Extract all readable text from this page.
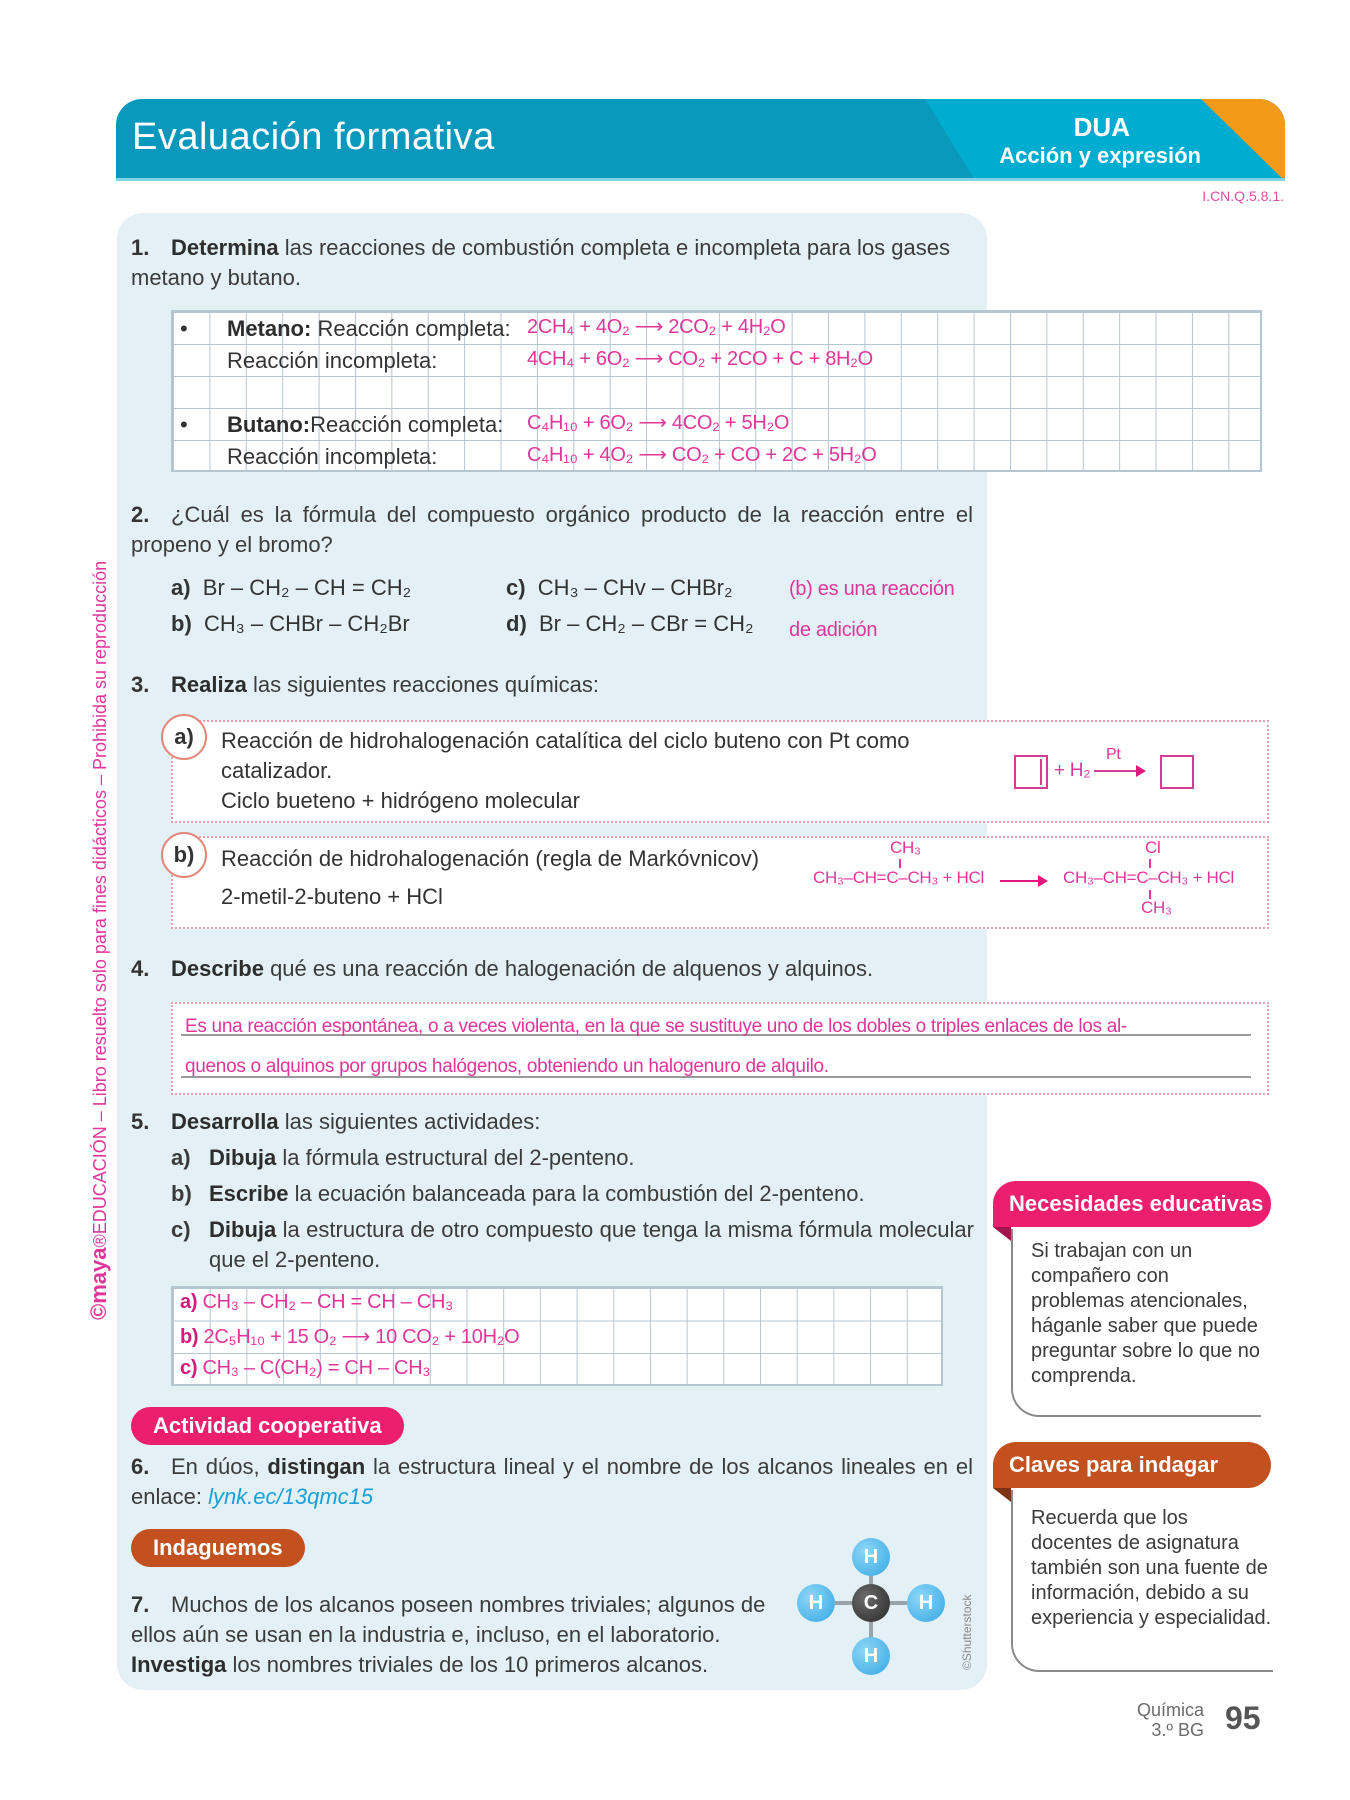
Evaluación formativa	DUA
Acción y expresión
I.CN.Q.5.8.1.
©maya®EDUCACIÓN – Libro resuelto solo para fines didácticos – Prohibida su reproducción
1. Determina las reacciones de combustión completa e incompleta para los gases metano y butano.
• Metano: Reacción completa: 2CH₄ + 4O₂ ⟶ 2CO₂ + 4H₂O
Reacción incompleta:	4CH₄ + 6O₂ ⟶ CO₂ + 2CO + C + 8H₂O
• Butano:Reacción completa: C₄H₁₀ + 6O₂ ⟶ 4CO₂ + 5H₂O
Reacción incompleta:	C₄H₁₀ + 4O₂ ⟶ CO₂ + CO + 2C + 5H₂O
2. ¿Cuál es la fórmula del compuesto orgánico producto de la reacción entre el propeno y el bromo?
a) Br – CH₂ – CH = CH₂
b) CH₃ – CHBr – CH₂Br
c) CH₃ – CHv – CHBr₂
d) Br – CH₂ – CBr = CH₂
(b) es una reacción
de adición
3. Realiza las siguientes reacciones químicas:
a)	Reacción de hidrohalogenación catalítica del ciclo buteno con Pt como
catalizador.
Ciclo bueteno + hidrógeno molecular
+ H₂
Pt
b)	Reacción de hidrohalogenación (regla de Markóvnicov)
2-metil-2-buteno + HCl
CH₃
CH₃–CH=C–CH₃ + HCl
Cl
CH₃–CH=C–CH₃ + HCl
CH₃
4. Describe qué es una reacción de halogenación de alquenos y alquinos.
Es una reacción espontánea, o a veces violenta, en la que se sustituye uno de los dobles o triples enlaces de los al-
quenos o alquinos por grupos halógenos, obteniendo un halogenuro de alquilo.
5. Desarrolla las siguientes actividades:
a) Dibuja la fórmula estructural del 2-penteno.
b) Escribe la ecuación balanceada para la combustión del 2-penteno.
c) Dibuja la estructura de otro compuesto que tenga la misma fórmula molecular que el 2-penteno.
a) CH₃ – CH₂ – CH = CH – CH₃
b) 2C₅H₁₀ + 15 O₂ ⟶ 10 CO₂ + 10H₂O
c) CH₃ – C(CH₂) = CH – CH₃
Actividad cooperativa
6. En dúos, distingan la estructura lineal y el nombre de los alcanos lineales en el enlace: lynk.ec/13qmc15
Indaguemos
7. Muchos de los alcanos poseen nombres triviales; algunos de ellos aún se usan en la industria e, incluso, en el laboratorio. Investiga los nombres triviales de los 10 primeros alcanos.
H
H	C	H
H	©Shutterstock
Necesidades educativas
Si trabajan con un compañero con problemas atencionales, háganle saber que puede preguntar sobre lo que no comprenda.
Claves para indagar
Recuerda que los docentes de asignatura también son una fuente de información, debido a su experiencia y especialidad.
Química
3.º BG 95
